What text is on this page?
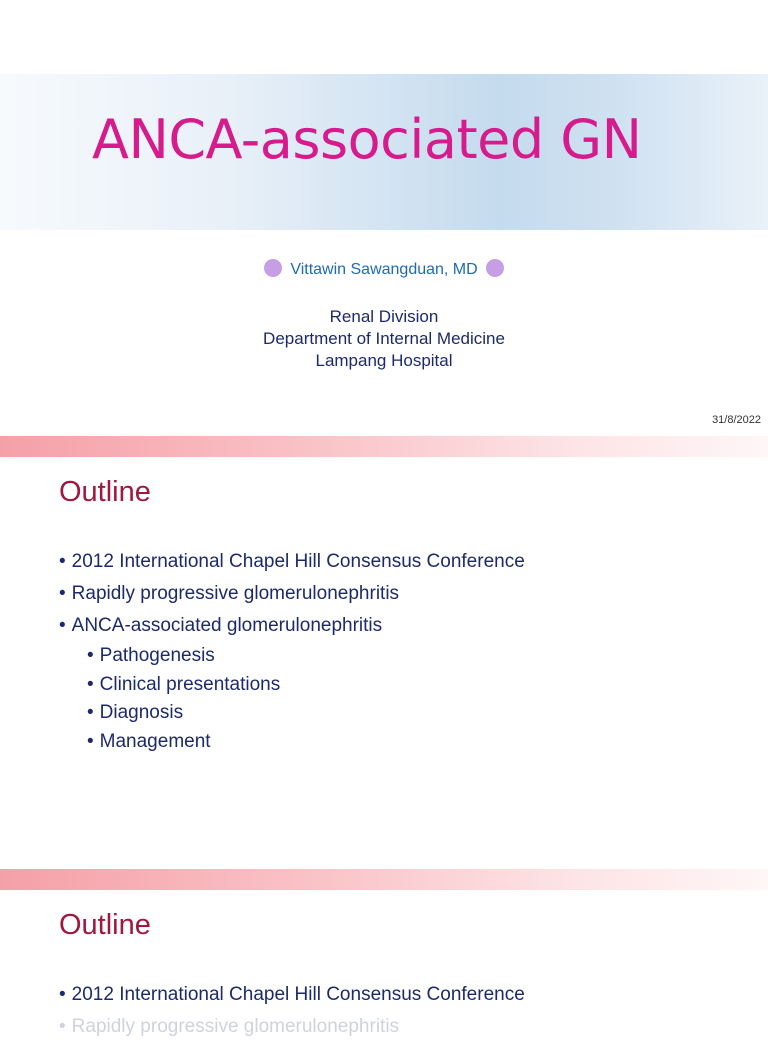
ANCA-associated GN
Vittawin Sawangduan, MD
Renal Division
Department of Internal Medicine
Lampang Hospital
31/8/2022
Outline
• 2012 International Chapel Hill Consensus Conference
• Rapidly progressive glomerulonephritis
• ANCA-associated glomerulonephritis
• Pathogenesis
• Clinical presentations
• Diagnosis
• Management
Outline
• 2012 International Chapel Hill Consensus Conference
• Rapidly progressive glomerulonephritis
